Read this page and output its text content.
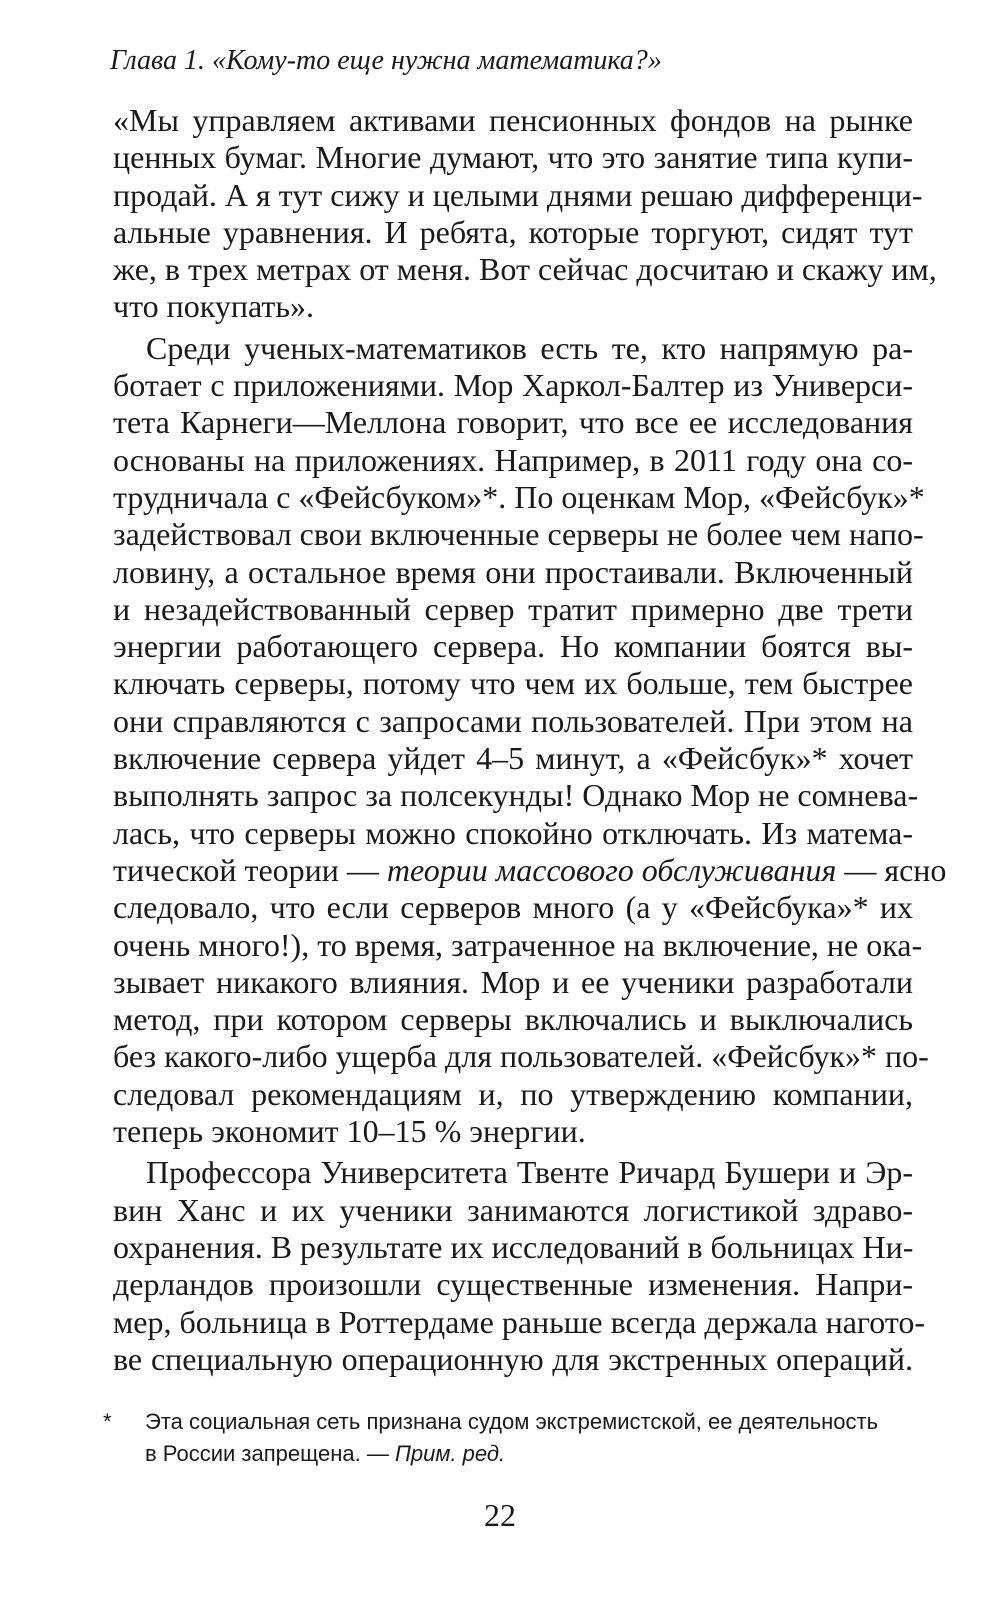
Глава 1. «Кому-то еще нужна математика?»
«Мы управляем активами пенсионных фондов на рынке
ценных бумаг. Многие думают, что это занятие типа купи-
продай. А я тут сижу и целыми днями решаю дифференци-
альные уравнения. И ребята, которые торгуют, сидят тут
же, в трех метрах от меня. Вот сейчас досчитаю и скажу им,
что покупать».
Среди ученых-математиков есть те, кто напрямую ра-
ботает с приложениями. Мор Харкол-Балтер из Универси-
тета Карнеги—Меллона говорит, что все ее исследования
основаны на приложениях. Например, в 2011 году она со-
трудничала с «Фейсбуком»*. По оценкам Мор, «Фейсбук»*
задействовал свои включенные серверы не более чем напо-
ловину, а остальное время они простаивали. Включенный
и незадействованный сервер тратит примерно две трети
энергии работающего сервера. Но компании боятся вы-
ключать серверы, потому что чем их больше, тем быстрее
они справляются с запросами пользователей. При этом на
включение сервера уйдет 4–5 минут, а «Фейсбук»* хочет
выполнять запрос за полсекунды! Однако Мор не сомнева-
лась, что серверы можно спокойно отключать. Из матема-
тической теории — теории массового обслуживания — ясно
следовало, что если серверов много (а у «Фейсбука»* их
очень много!), то время, затраченное на включение, не ока-
зывает никакого влияния. Мор и ее ученики разработали
метод, при котором серверы включались и выключались
без какого-либо ущерба для пользователей. «Фейсбук»* по-
следовал рекомендациям и, по утверждению компании,
теперь экономит 10–15 % энергии.
Профессора Университета Твенте Ричард Бушери и Эр-
вин Ханс и их ученики занимаются логистикой здраво-
охранения. В результате их исследований в больницах Ни-
дерландов произошли существенные изменения. Напри-
мер, больница в Роттердаме раньше всегда держала нагото-
ве специальную операционную для экстренных операций.
*	Эта социальная сеть признана судом экстремистской, ее деятельность
в России запрещена. — Прим. ред.
22
